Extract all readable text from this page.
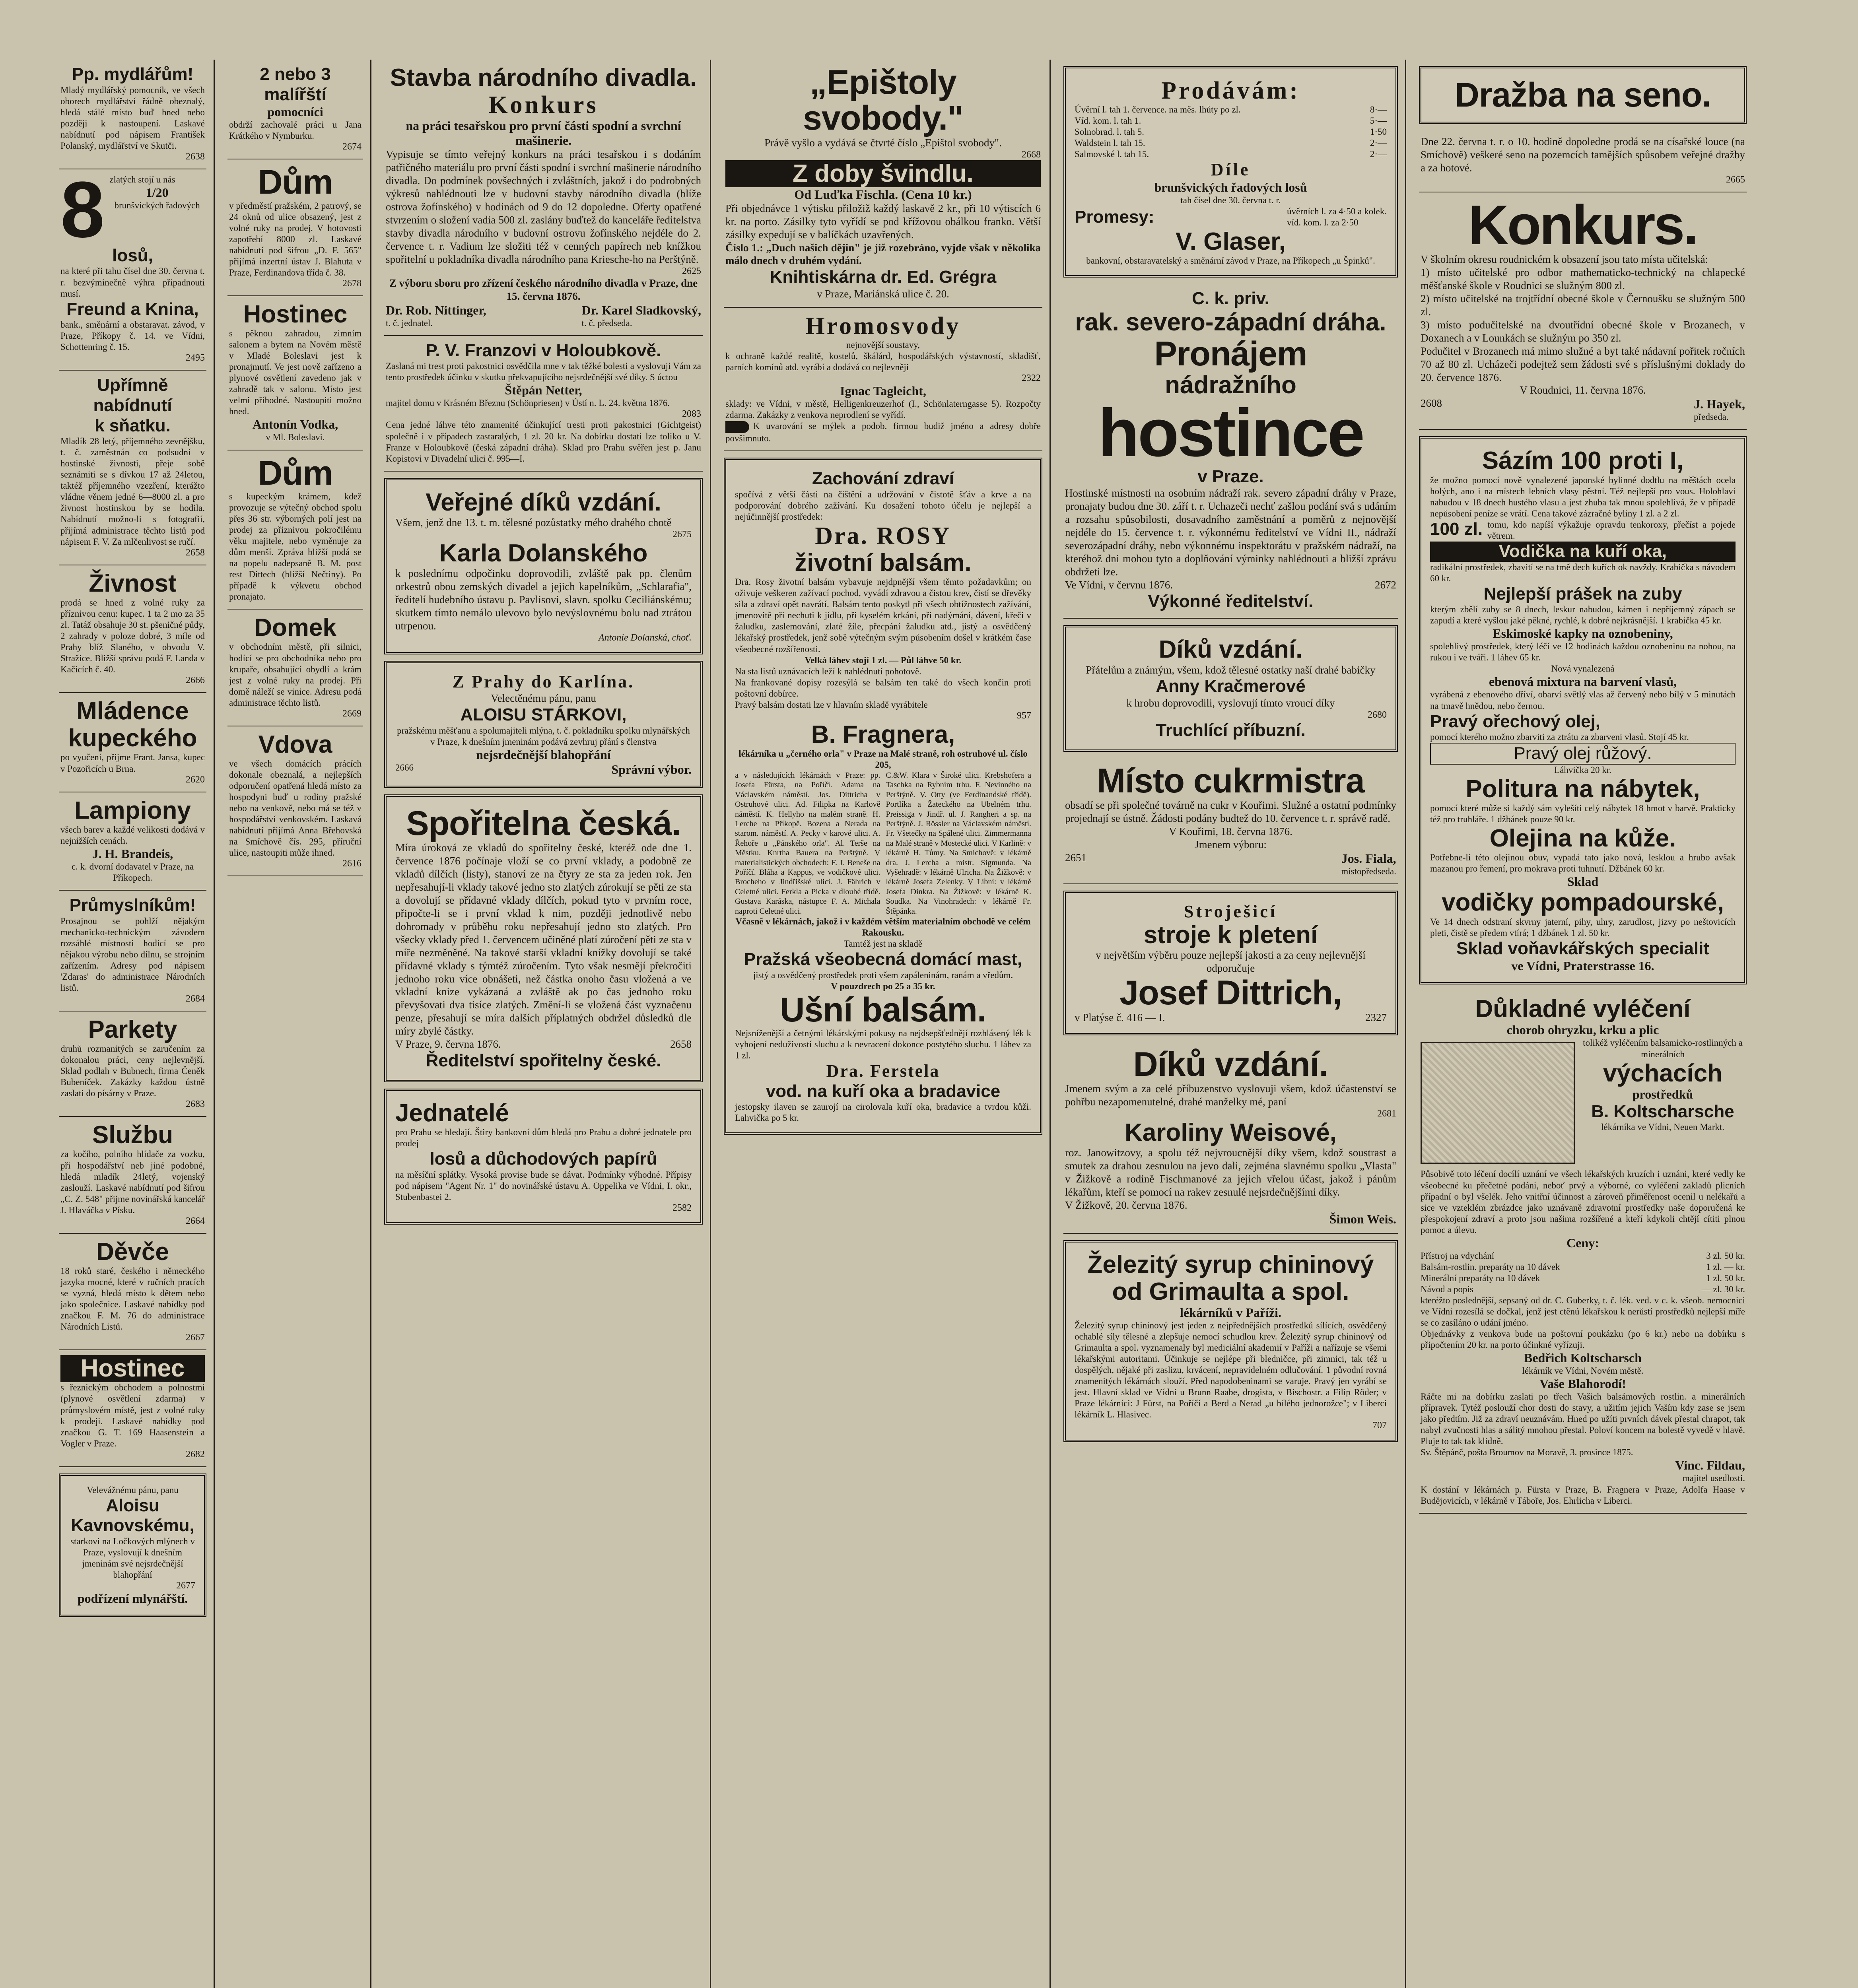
Pp. mydlářům!
Mladý mydlářský pomocník, ve všech oborech mydlářství řádně obeznalý, hledá stálé místo buď hned nebo později k nastoupení. Laskavé nabídnutí pod nápisem František Polanský, mydlářství ve Skutči.
2638
8 zlatých stojí u nás
1/20
brunšvických řadových
losů,
na které při tahu čísel dne 30. června t. r. bezvýminečně výhra připadnouti musí.
Freund a Knina,
bank., směnární a obstaravat. závod, v Praze, Příkopy č. 14. ve Vídni, Schottenring č. 15.
2495
Upřímně
nabídnutí
k sňatku.
Mladík 28 letý, příjemného zevnějšku, t. č. zaměstnán co podsudní v hostinské živnosti, přeje sobě seznámiti se s dívkou 17 až 24letou, taktéž příjemného vzezření, kterážto vládne věnem jedné 6—8000 zl. a pro živnost hostinskou by se hodila. Nabídnutí možno-li s fotografií, přijímá administrace těchto listů pod nápisem F. V. Za mlčenlivost se ručí.
2658
Živnost
prodá se hned z volné ruky za příznivou cenu: kupec. 1 ta 2 mo za 35 zl. Tatáž obsahuje 30 st. pšeničné půdy, 2 zahrady v poloze dobré, 3 míle od Prahy blíž Slaného, v obvodu V. Stražice. Bližší správu podá F. Landa v Kačicích č. 40.
2666
Mládence
kupeckého
po vyučení, přijme Frant. Jansa, kupec v Pozořicích u Brna.
2620
Lampiony
všech barev a každé velikosti dodává v nejnižších cenách.
J. H. Brandeis,
c. k. dvorní dodavatel v Praze, na Příkopech.
Průmyslníkům!
Prosajnou se pohlží nějakým mechanicko-technickým závodem rozsáhlé místnosti hodící se pro nějakou výrobu nebo dílnu, se strojním zařízením. Adresy pod nápisem 'Zdaras' do administrace Národních listů.
2684
Parkety
druhů rozmanitých se zaručením za dokonalou práci, ceny nejlevnější. Sklad podlah v Bubnech, firma Čeněk Bubeníček. Zakázky každou ústně zaslati do písárny v Praze.
2683
Službu
za kočího, polního hlídače za vozku, při hospodářství neb jiné podobné, hledá mladík 24letý, vojenský zaslouží. Laskavé nabídnutí pod šifrou „C. Z. 548" přijme novinářská kancelář J. Hlaváčka v Písku.
2664
Děvče
18 roků staré, českého i německého jazyka mocné, které v ručních pracích se vyzná, hledá místo k dětem nebo jako společnice. Laskavé nabídky pod značkou F. M. 76 do administrace Národních Listů.
2667
Hostinec
s řeznickým obchodem a polnostmi (plynové osvětlení zdarma) v průmyslovém místě, jest z volné ruky k prodeji. Laskavé nabídky pod značkou G. T. 169 Haasenstein a Vogler v Praze.
2682
Velevážnému pánu, panu
Aloisu Kavnovskému,
starkovi na Ločkových mlýnech v Praze, vyslovují k dnešním jmeninám své nejsrdečnější blahopřání
2677
podřízení mlynářští.
2 nebo 3 malířští
pomocníci
obdrží zachovalé práci u Jana Krátkého v Nymburku.
2674
Dům
v předměstí pražském, 2 patrový, se 24 oknů od ulice obsazený, jest z volné ruky na prodej. V hotovosti zapotřebí 8000 zl. Laskavé nabídnutí pod šifrou „D. F. 565" přijímá inzertní ústav J. Blahuta v Praze, Ferdinandova třída č. 38.
2678
Hostinec
s pěknou zahradou, zimním salonem a bytem na Novém městě v Mladé Boleslavi jest k pronajmutí. Ve jest nově zařízeno a plynové osvětlení zavedeno jak v zahradě tak v salonu. Místo jest velmi příhodné. Nastoupiti možno hned.
Antonín Vodka,
v Ml. Boleslavi.
Dům
s kupeckým krámem, kdež provozuje se výtečný obchod spolu přes 36 str. výborných polí jest na prodej za přiznivou pokročilému věku majitele, nebo vyměnuje za dům menší. Zpráva bližší podá se na popelu nadepsaně B. M. post rest Dittech (bližší Nečtiny). Po případě k výkvetu obchod pronajato.
Domek
v obchodním městě, při silnici, hodící se pro obchodníka nebo pro krupaře, obsahující obydlí a krám jest z volné ruky na prodej. Při domě náleží se vinice. Adresu podá administrace těchto listů.
2669
Vdova
ve všech domácích prácích dokonale obeznalá, a nejlepších odporučení opatřená hledá místo za hospodyni buď u rodiny pražské nebo na venkově, nebo má se též v hospodářství venkovském. Laskavá nabídnutí přijímá Anna Břehovská na Smíchově čís. 295, příruční ulice, nastoupiti může ihned.
2616
Stavba národního divadla.
Konkurs
na práci tesařskou pro první části spodní a svrchní mašinerie.
Vypisuje se tímto veřejný konkurs na práci tesařskou i s dodáním patřičného materiálu pro první části spodní i svrchní mašinerie národního divadla. Do podmínek povšechných i zvláštních, jakož i do podrobných výkresů nahlédnouti lze v budovní stavby národního divadla (blíže ostrova žofínského) v hodinách od 9 do 12 dopoledne. Oferty opatřené stvrzením o složení vadia 500 zl. zaslány buďtež do kanceláře ředitelstva stavby divadla národního v budovní ostrovu žofínského nejdéle do 2. července t. r. Vadium lze složiti též v cenných papírech neb knížkou spořitelní u pokladníka divadla národního pana Kriesche-ho na Perštýně.
2625
Z výboru sboru pro zřízení českého národního divadla v Praze, dne 15. června 1876.
Dr. Rob. Nittinger,
t. č. jednatel.
Dr. Karel Sladkovský,
t. č. předseda.
P. V. Franzovi v Holoubkově.
Zaslaná mi trest proti pakostnici osvědčila mne v tak těžké bolesti a vyslovuji Vám za tento prostředek účinku v skutku překvapujícího nejsrdečnější své díky. S úctou
Štěpán Netter,
majitel domu v Krásném Březnu (Schönpriesen) v Ústí n. L. 24. května 1876.
2083
Cena jedné láhve této znamenité účinkující tresti proti pakostnici (Gichtgeist) společně i v případech zastaralých, 1 zl. 20 kr. Na dobírku dostati lze toliko u V. Franze v Holoubkově (česká západní dráha). Sklad pro Prahu svěřen jest p. Janu Kopistovi v Divadelní ulici č. 995—I.
Veřejné díků vzdání.
Všem, jenž dne 13. t. m. tělesné pozůstatky mého drahého chotě
2675
Karla Dolanského
k poslednímu odpočinku doprovodili, zvláště pak pp. členům orkestrů obou zemských divadel a jejich kapelníkům, „Schlarafia", ředitelí hudebního ústavu p. Pavlisovi, slavn. spolku Ceciliánskému; skutkem tímto nemálo ulevovo bylo nevýslovnému bolu nad ztrátou utrpenou.
Antonie Dolanská, choť.
Z Prahy do Karlína.
Velectěnému pánu, panu
ALOISU STÁRKOVI,
pražskému měšťanu a spolumajiteli mlýna, t. č. pokladníku spolku mlynářských v Praze, k dnešním jmeninám podává zevhruj přání s členstva
nejsrdečnější blahopřání
2666	Správní výbor.
Spořitelna česká.
Míra úroková ze vkladů do spořitelny české, kteréž ode dne 1. července 1876 počínaje vloží se co první vklady, a podobně ze vkladů dílčích (listy), stanoví ze na čtyry ze sta za jeden rok. Jen nepřesahují-li vklady takové jedno sto zlatých zúrokují se pěti ze sta a dovolují se přídavné vklady dílčích, pokud tyto v prvním roce, připočte-li se i první vklad k nim, později jednotlivě nebo dohromady v průběhu roku nepřesahují jedno sto zlatých. Pro všecky vklady před 1. červencem učiněné platí zúročení pěti ze sta v míře nezměněné. Na takové starší vkladní knížky dovolují se také přídavné vklady s týmtéž zúročením. Tyto však nesmějí překročiti jednoho roku více obnášeti, než částka onoho času vložená a ve vkladní knize vykázaná a zvláště ak po čas jednoho roku převyšovati dva tisíce zlatých. Změní-li se vložená část vyznačenu penze, přesahují se míra dalších příplatných obdržel důsledků dle míry zbylé částky.
V Praze, 9. června 1876.	2658
Ředitelství spořitelny české.
Jednatelé
pro Prahu se hledají. Štiry bankovní dům hledá pro Prahu a dobré jednatele pro prodej
losů a důchodových papírů
na měsíční splátky. Vysoká provise bude se dávat. Podmínky výhodné. Přípisy pod nápisem "Agent Nr. 1" do novinářské ústavu A. Oppelika ve Vídni, I. okr., Stubenbastei 2.
2582
„Epištoly svobody."
Právě vyšlo a vydává se čtvrté číslo „Epištol svobody".
2668
Z doby švindlu.
Od Luďka Fischla. (Cena 10 kr.)
Při objednávce 1 výtisku přiložiž každý laskavě 2 kr., při 10 výtiscích 6 kr. na porto. Zásilky tyto vyřídí se pod křížovou obálkou franko. Větší zásilky expedují se v balíčkách uzavřených.
Číslo 1.: „Duch našich dějin" je již rozebráno, vyjde však v několika málo dnech v druhém vydání.
Knihtiskárna dr. Ed. Grégra
v Praze, Mariánská ulice č. 20.
Hromosvody
nejnovější soustavy,
k ochraně každé realitě, kostelů, škálárd, hospodářských výstavností, skladišť, parních komínů atd. vyrábí a dodává co nejlevněji
2322
Ignac Tagleicht,
sklady: ve Vídni, v městě, Helligenkreuzerhof (I., Schönlaterngasse 5). Rozpočty zdarma. Zakázky z venkova neprodlení se vyřídí.
K uvarování se mýlek a podob. firmou budiž jméno a adresy dobře povšimnuto.
Zachování zdraví
spočívá z větší části na čištění a udržování v čistotě šťáv a krve a na podporování dobrého zažívání. Ku dosažení tohoto účelu je nejlepší a nejúčinnější prostředek:
Dra. ROSY
životní balsám.
Dra. Rosy životní balsám vybavuje nejdpnější všem těmto požadavkům; on oživuje veškeren zažívací pochod, vyvádí zdravou a čistou krev, čistí se dřevěky sila a zdraví opět navrátí. Balsám tento poskytl při všech obtížnostech zažívání, jmenovitě při nechuti k jídlu, při kyselém krkání, při nadýmání, dávení, křeči v žaludku, zaslemování, zlaté žíle, přecpání žaludku atd., jistý a osvědčený lékařský prostředek, jenž sobě výtečným svým působením došel v krátkém čase všeobecné rozšířenosti.
Velká láhev stojí 1 zl. — Půl láhve 50 kr.
Na sta listů uznávacích leží k nahlédnutí pohotově.
Na frankované dopisy rozesýlá se balsám ten také do všech končin proti poštovní dobírce.
Pravý balsám dostati lze v hlavním skladě vyrábitele
957
B. Fragnera,
lékárníka u „černého orla" v Praze na Malé straně, roh ostruhové ul. číslo 205,
a v následujících lékárnách v Praze: pp. Josefa Fürsta, na Poříčí. Adama na Václavském náměstí. Jos. Dittricha v Ostruhové ulici. Ad. Filipka na Karlově náměstí. K. Hellyho na malém straně. H. Lerche na Příkopě. Bozena a Nerada na starom. náměstí. A. Pecky v karové ulici. A. Řehoře u „Pánského orla". Al. Terše na Městku. Knrtha Bauera na Perštýně. V materialistických obchodech: F. J. Beneše na Poříčí. Bláha a Kappus, ve vodičkové ulici. Brocheho v Jindřišské ulici. J. Fährich v Celetné ulici. Ferkla a Picka v dlouhé třídě. Gustava Karáska, nástupce F. A. Michala naproti Celetné ulici.
C.&W. Klara v Široké ulici. Krebshofera a Taschka na Rybním trhu. F. Nevinného na Perštýně. V. Otty (ve Ferdinandské třídě). Portlíka a Žateckého na Ubelném trhu. Preissiga v Jindř. ul. J. Rangheri a sp. na Perštýně. J. Rössler na Václavském náměstí. Fr. Všetečky na Spálené ulici. Zimmermanna na Malé straně v Mostecké ulici. V Karlině: v lékárně H. Tůmy. Na Smíchově: v lékárně dra. J. Lercha a mistr. Sigmunda. Na Vyšehradě: v lékárně Ulricha. Na Žižkově: v lékárně Josefa Zelenky. V Libni: v lékárně Josefa Dinkra. Na Žižkově: v lékárně K. Soudka. Na Vinohradech: v lékárně Fr. Štěpánka.
Včasně v lékárnách, jakož i v každém větším materialním obchodě ve celém Rakousku.
Tamtéž jest na skladě
Pražská všeobecná domácí mast,
jistý a osvědčený prostředek proti všem zapáleninám, ranám a vředům.
V pouzdrech po 25 a 35 kr.
Ušní balsám.
Nejsníženější a četnými lékárskými pokusy na nejdsepšťednějí rozhlásený lék k vyhojení neduživostí sluchu a k nevracení dokonce postytého sluchu. 1 láhev za 1 zl.
Dra. Ferstela
vod. na kuří oka a bradavice
jestopsky ilaven se zaurojí na cirolovala kuří oka, bradavice a tvrdou kůži. Lahvička po 5 kr.
Prodávám:
Úvěrní l. tah 1. července. na měs. lhůty po zl.	8·—
Víd. kom. l. tah 1.	5·—
Solnobrad. l. tah 5.	1·50
Waldstein l. tah 15.	2·—
Salmovské l. tah 15.	2·—
Díle
brunšvických řadových losů
tah čísel dne 30. června t. r.
Promesy:	úvěrních l. za 4·50 a kolek.
víd. kom. l. za 2·50
V. Glaser,
bankovní, obstaravatelský a směnární závod v Praze, na Příkopech „u Špinků".
C. k. priv.
rak. severo-západní dráha.
Pronájem
nádražního
hostince
v Praze.
Hostinské místnosti na osobním nádraží rak. severo západní dráhy v Praze, pronajaty budou dne 30. září t. r. Uchazeči nechť zašlou podání svá s udáním a rozsahu spůsobilosti, dosavadního zaměstnání a poměrů z nejnovější nejdéle do 15. července t. r. výkonnému ředitelství ve Vídni II., nádraží severozápadní dráhy, nebo výkonnému inspektorátu v pražském nádraží, na kteréhož dni mohou tyto a doplňování výminky nahlédnouti a bližší zprávu obdržeti lze.
Ve Vídni, v červnu 1876.	2672
Výkonné ředitelství.
Díků vzdání.
Přátelům a známým, všem, kdož tělesné ostatky naší drahé babičky
Anny Kračmerové
k hrobu doprovodili, vyslovují tímto vroucí díky
2680
Truchlící příbuzní.
Místo cukrmistra
obsadí se při společné továrně na cukr v Kouřimi. Služné a ostatní podmínky projednají se ústně. Žádosti podány budtež do 10. července t. r. správě radě.
V Kouřimi, 18. června 1876.
Jmenem výboru:
2651	Jos. Fiala,
místopředseda.
Stroješicí
stroje k pletení
v největším výběru pouze nejlepší jakosti a za ceny nejlevnější odporučuje
Josef Dittrich,
v Platýse č. 416 — I.	2327
Díků vzdání.
Jmenem svým a za celé příbuzenstvo vyslovuji všem, kdož účastenství se pohřbu nezapomenutelné, drahé manželky mé, paní
2681
Karoliny Weisové,
roz. Janowitzovy, a spolu též nejvroucnější díky všem, kdož soustrast a smutek za drahou zesnulou na jevo dali, zejména slavnému spolku „Vlasta" v Žižkově a rodině Fischmanové za jejich vřelou účast, jakož i pánům lékařům, kteří se pomocí na rakev zesnulé nejsrdečnějšími díky.
V Žižkově, 20. června 1876.
Šimon Weis.
Železitý syrup chininový
od Grimaulta a spol.
lékárníků v Paříži.
Železitý syrup chininový jest jeden z nejpřednějších prostředků sílících, osvědčený ochablé síly tělesné a zlepšuje nemocí schudlou krev. Železitý syrup chininový od Grimaulta a spol. vyznamenaly byl mediciální akademií v Paříži a nařízuje se všemi lékařskými autoritami. Účinkuje se nejlépe při bledničce, při zimnici, tak též u dospělých, nějaké při zaslizu, krvácení, nepravidelném odlučování. 1 původní rovná znamenitých lékárnách slouží. Před napodobeninami se varuje. Pravý jen vyrábí se jest. Hlavní sklad ve Vídni u Brunn Raabe, drogista, v Bischostr. a Filip Röder; v Praze lékárníci: J Fürst, na Poříčí a Berd a Nerad „u bílého jednorožce"; v Liberci lékárník L. Hlasivec.
707
Dražba na seno.
Dne 22. června t. r. o 10. hodině dopoledne prodá se na císařské louce (na Smíchově) veškeré seno na pozemcích tamějších spůsobem veřejné dražby a za hotové.
2665
Konkurs.
V školním okresu roudnickém k obsazení jsou tato místa učitelská:
1) místo učitelské pro odbor mathematicko-technický na chlapecké měšťanské škole v Roudnici se služným 800 zl.
2) místo učitelské na trojtřídní obecné škole v Černoušku se služným 500 zl.
3) místo podučitelské na dvoutřídní obecné škole v Brozanech, v Doxanech a v Lounkách se služným po 350 zl.
Podučitel v Brozanech má mimo služné a byt také nádavní pořitek ročních 70 až 80 zl. Ucházeči podejtež sem žádosti své s příslušnými doklady do 20. července 1876.
V Roudnici, 11. června 1876.
2608	J. Hayek,
předseda.
Sázím 100 proti I,
že možno pomocí nově vynalezené japonské bylinné dodtlu na měštách ocela holých, ano i na místech lebních vlasy pěstní. Též nejlepší pro vous. Holohlaví nabudou v 18 dnech hustého vlasu a jest zhuba tak mnou spolehlivá, že v případě nepůsobení peníze se vrátí. Cena takové zázračné byliny 1 zl. a 2 zl.
100 zl. tomu, kdo napíší výkažuje opravdu tenkoroxy, přečíst a pojede větrem.
Vodička na kuří oka,
radikální prostředek, zbavití se na tmě dech kuřích ok navždy. Krabička s návodem 60 kr.
Nejlepší prášek na zuby
kterým zbělí zuby se 8 dnech, leskur nabudou, kámen i nepříjemný zápach se zapudí a které vyšlou jaké pěkné, rychlé, k dobré nejkrásnější. 1 krabička 45 kr.
Eskimoské kapky na oznobeniny,
spolehlivý prostředek, který léčí ve 12 hodinách každou oznobeninu na nohou, na rukou i ve tváři. 1 láhev 65 kr.
Nová vynalezená
ebenová mixtura na barvení vlasů,
vyrábená z ebenového dříví, obarví světlý vlas až červený nebo bílý v 5 minutách na tmavě hnědou, nebo černou.
Pravý ořechový olej,
pomocí kterého možno zbarviti za ztrátu za zbarveni vlasů. Stojí 45 kr.
Pravý olej růžový.
Láhvička 20 kr.
Politura na nábytek,
pomocí které může si každý sám vylešíti celý nábytek 18 hmot v barvě. Prakticky též pro truhláře. 1 džbánek pouze 90 kr.
Olejina na kůže.
Potřebne-li této olejinou obuv, vypadá tato jako nová, lesklou a hrubo avšak mazanou pro řemení, pro mokrava proti tuhnutí. Džbánek 60 kr.
Sklad
vodičky pompadourské,
Ve 14 dnech odstraní skvrny jaterní, pihy, uhry, zarudlost, jizvy po neštovicích pleti, čistě se předem vtírá; 1 džbánek 1 zl. 50 kr.
Sklad voňavkářských specialit
ve Vídni, Praterstrasse 16.
Důkladné vyléčení
chorob ohryzku, krku a plic
tolikéž vyléčením balsamicko-rostlinných a minerálních
výchacích
prostředků
B. Koltscharsche
lékárníka ve Vídni, Neuen Markt.
Působivě toto léčení docílí uznání ve všech lékařských kruzích i uznáni, které vedly ke všeobecné ku přečetné podáni, neboť prvý a výborné, co vyléčení zakladů plicních případní o byl všelék. Jeho vnitřní účinnost a zároveň přiměřenost ocenil u nelékařů a sice ve vzteklém zbrázdce jako uznávaně zdravotní prostředky naše doporučená ke přespokojení zdraví a proto jsou našima rozšířené a kteří kdykoli chtějí cítiti plnou pomoc a úlevu.
Ceny:
Přístroj na vdychání	3 zl. 50 kr.
Balsám-rostlin. preparáty na 10 dávek	1 zl. — kr.
Minerální preparáty na 10 dávek	1 zl. 50 kr.
Návod a popis	— zl. 30 kr.
kteréžto poslednější, sepsaný od dr. C. Guberky, t. č. lék. ved. v c. k. všeob. nemocnici ve Vídni rozesílá se dočkal, jenž jest ctěnú lékařskou k nerůstí prostředků nejlepší míře se co zasíláno o udání jméno.
Objednávky z venkova bude na poštovní poukázku (po 6 kr.) nebo na dobírku s připočtením 20 kr. na porto účinkné vyřízuji.
Bedřich Koltscharsch
lékárník ve Vídni, Novém městě.
Vaše Blahorodí!
Ráčte mi na dobírku zaslati po třech Vašich balsámových rostlin. a minerálních přípravek. Tytéž poslouží chor dosti do stavy, a užitím jejich Vaším kdy zase se jsem jako předtím. Již za zdraví neuznávám. Hned po užíti prvních dávek přestal chrapot, tak nabyl zvučnosti hlas a sálitý mnohou přestal. Poloví koncem na bolestě vyvedě v hlavě. Pluje to tak tak klidně.
Sv. Štěpánč, pošta Broumov na Moravě, 3. prosince 1875.
Vinc. Fildau,
majitel usedlosti.
K dostání v lékárnách p. Fürsta v Praze, B. Fragnera v Praze, Adolfa Haase v Budějovicích, v lékárně v Táboře, Jos. Ehrlicha v Liberci.
